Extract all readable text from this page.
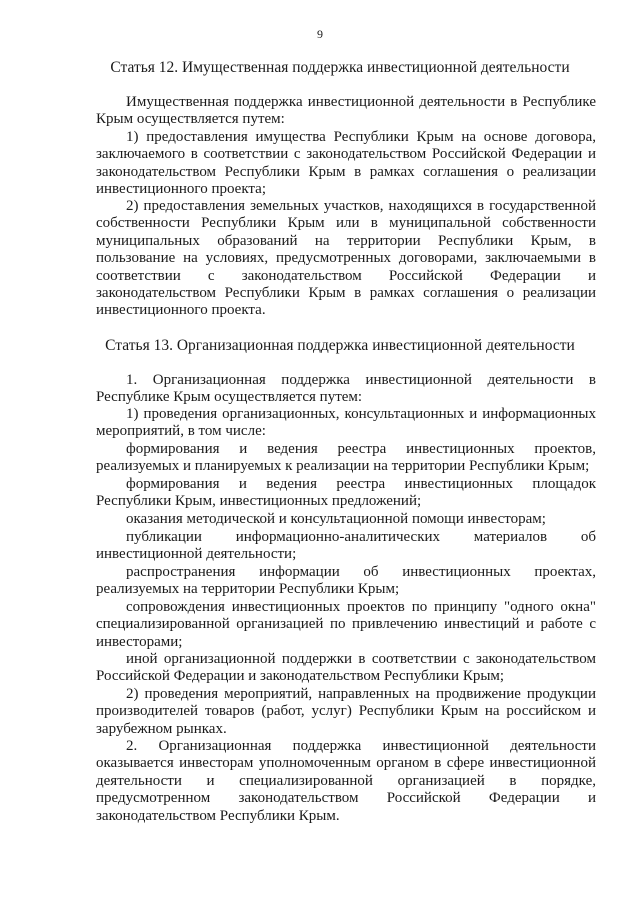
9
Статья 12. Имущественная поддержка инвестиционной деятельности

Имущественная поддержка инвестиционной деятельности в Республике Крым осуществляется путем:

1) предоставления имущества Республики Крым на основе договора, заключаемого в соответствии с законодательством Российской Федерации и законодательством Республики Крым в рамках соглашения о реализации инвестиционного проекта;

2) предоставления земельных участков, находящихся в государственной собственности Республики Крым или в муниципальной собственности муниципальных образований на территории Республики Крым, в пользование на условиях, предусмотренных договорами, заключаемыми в соответствии с законодательством Российской Федерации и законодательством Республики Крым в рамках соглашения о реализации инвестиционного проекта.

Статья 13. Организационная поддержка инвестиционной деятельности

1. Организационная поддержка инвестиционной деятельности в Республике Крым осуществляется путем:

1) проведения организационных, консультационных и информационных мероприятий, в том числе:

формирования и ведения реестра инвестиционных проектов, реализуемых и планируемых к реализации на территории Республики Крым;

формирования и ведения реестра инвестиционных площадок Республики Крым, инвестиционных предложений;

оказания методической и консультационной помощи инвесторам;

публикации информационно-аналитических материалов об инвестиционной деятельности;

распространения информации об инвестиционных проектах, реализуемых на территории Республики Крым;

сопровождения инвестиционных проектов по принципу "одного окна" специализированной организацией по привлечению инвестиций и работе с инвесторами;

иной организационной поддержки в соответствии с законодательством Российской Федерации и законодательством Республики Крым;

2) проведения мероприятий, направленных на продвижение продукции производителей товаров (работ, услуг) Республики Крым на российском и зарубежном рынках.

2. Организационная поддержка инвестиционной деятельности оказывается инвесторам уполномоченным органом в сфере инвестиционной деятельности и специализированной организацией в порядке, предусмотренном законодательством Российской Федерации и законодательством Республики Крым.
